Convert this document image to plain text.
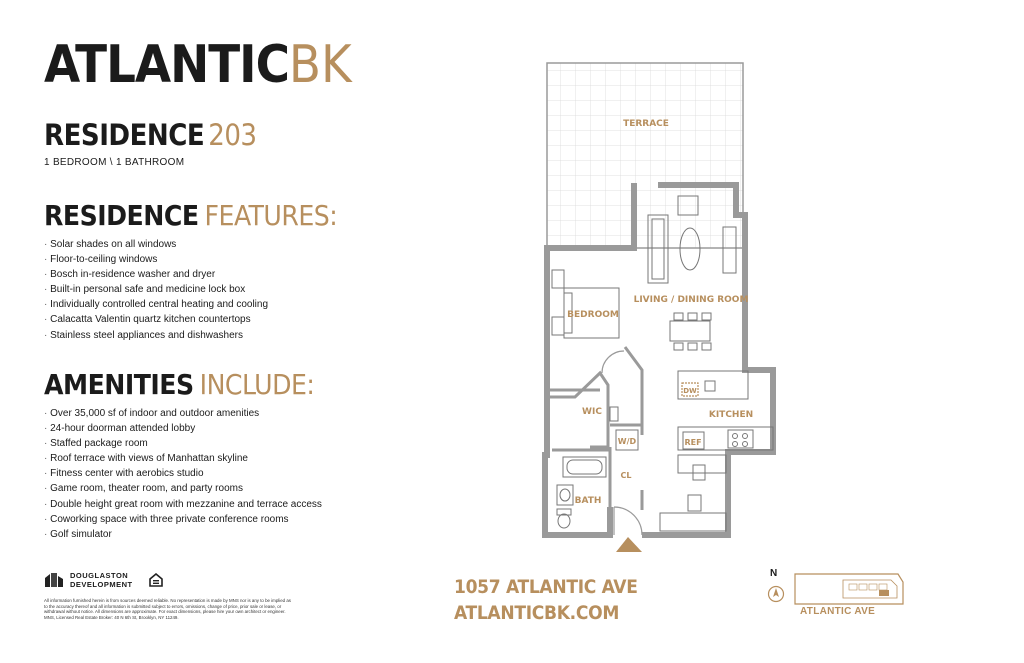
ATLANTICBK
RESIDENCE 203
1 BEDROOM \ 1 BATHROOM
RESIDENCE FEATURES:
· Solar shades on all windows
· Floor-to-ceiling windows
· Bosch in-residence washer and dryer
· Built-in personal safe and medicine lock box
· Individually controlled central heating and cooling
· Calacatta Valentin quartz kitchen countertops
· Stainless steel appliances and dishwashers
AMENITIES INCLUDE:
· Over 35,000 sf of indoor and outdoor amenities
· 24-hour doorman attended lobby
· Staffed package room
· Roof terrace with views of Manhattan skyline
· Fitness center with aerobics studio
· Game room, theater room, and party rooms
· Double height great room with mezzanine and terrace access
· Coworking space with three private conference rooms
· Golf simulator
DOUGLASTON
DEVELOPMENT
All information furnished herein is from sources deemed reliable. No representation is made by MNS nor is any to be implied as to the accuracy thereof and all information is submitted subject to errors, omissions, change of price, prior sale or lease, or withdrawal without notice. All dimensions are approximate. For exact dimensions, please hire your own architect or engineer. MNS, Licensed Real Estate Broker: 40 N 6th St, Brooklyn, NY 11249.
1057 ATLANTIC AVE
ATLANTICBK.COM
TERRACE
LIVING / DINING ROOM
BEDROOM
WIC
DW
REF
KITCHEN
W/D
CL
BATH
N
ATLANTIC AVE
